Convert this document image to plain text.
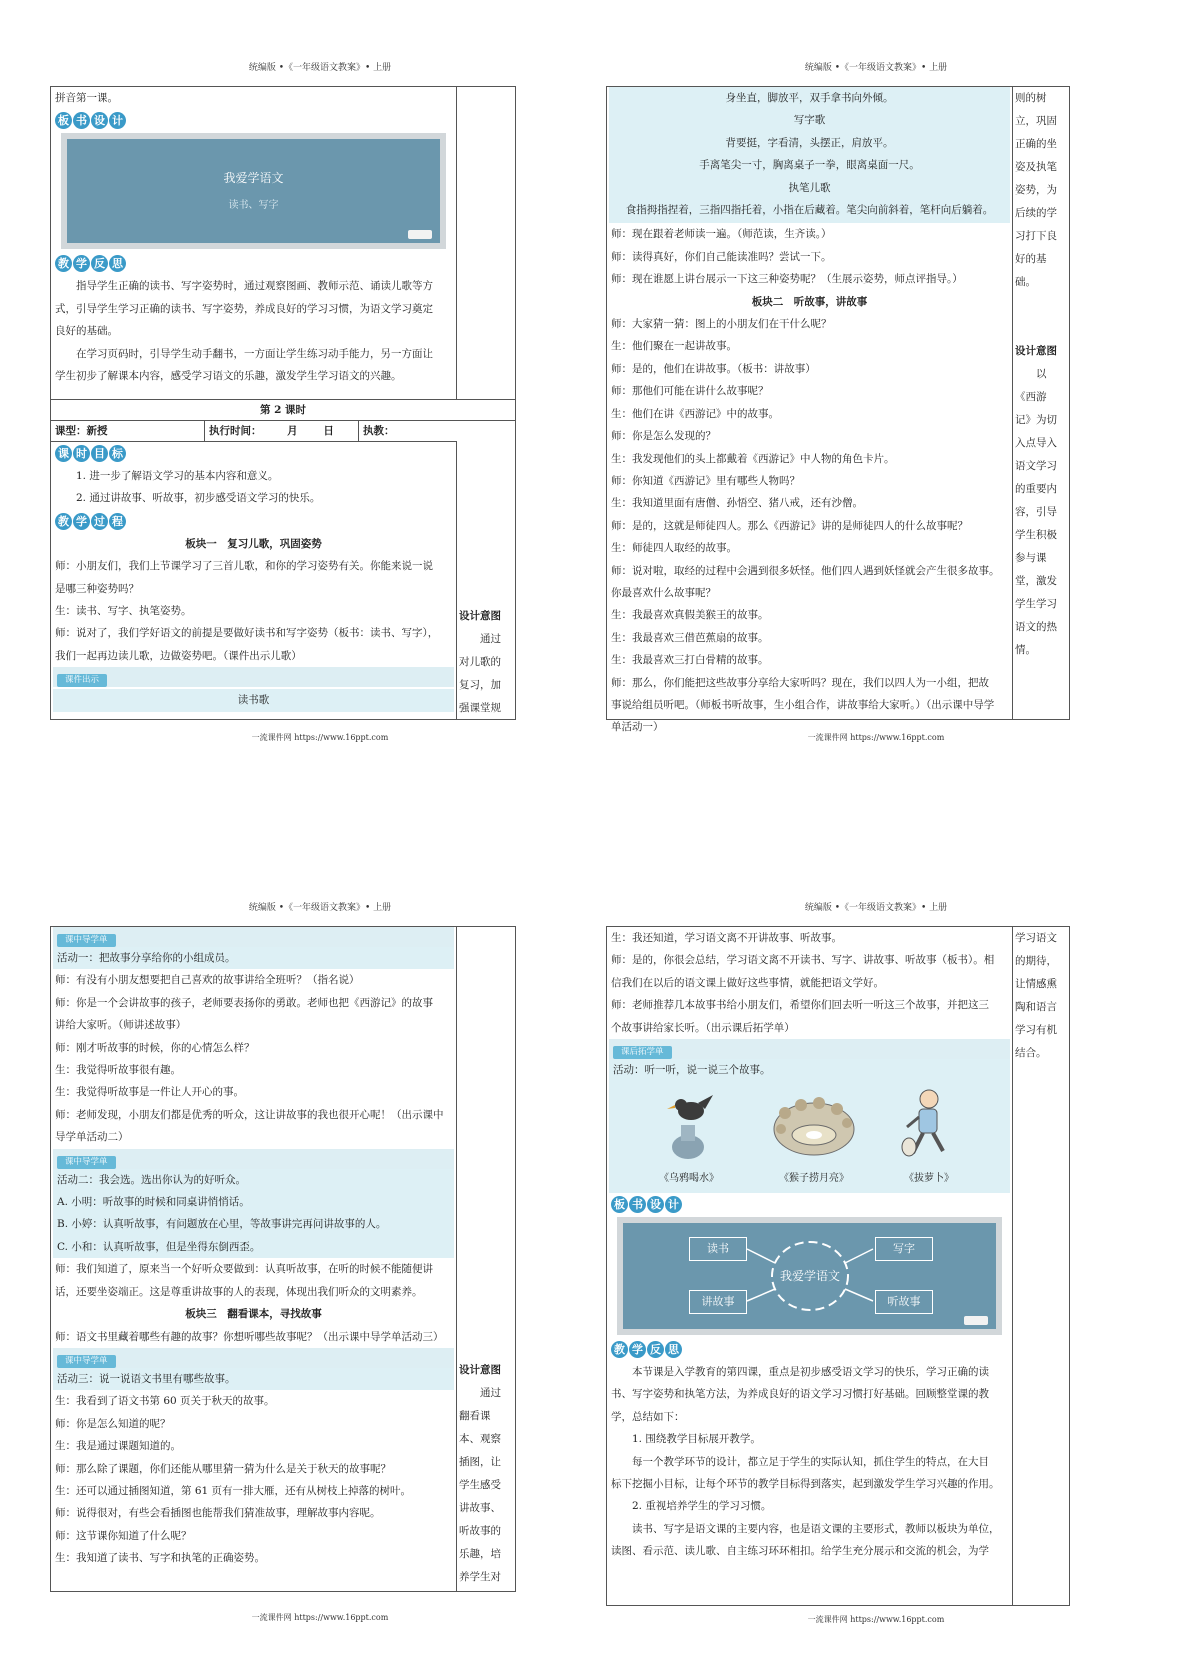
统编版 •《一年级语文教案》• 上册
拼音第一课。
板 书 设 计
我爱学语文
读书、写字
教 学 反 思
指导学生正确的读书、写字姿势时，通过观察图画、教师示范、诵读儿歌等方
式，引导学生学习正确的读书、写字姿势，养成良好的学习习惯，为语文学习奠定
良好的基础。
在学习页码时，引导学生动手翻书，一方面让学生练习动手能力，另一方面让
学生初步了解课本内容，感受学习语文的乐趣，激发学生学习语文的兴趣。
第 2 课时
课型：新授	执行时间： 月 日	执教：
课 时 目 标
1. 进一步了解语文学习的基本内容和意义。
2. 通过讲故事、听故事，初步感受语文学习的快乐。
教 学 过 程
板块一　复习儿歌，巩固姿势
师：小朋友们，我们上节课学习了三首儿歌，和你的学习姿势有关。你能来说一说
是哪三种姿势吗？
生：读书、写字、执笔姿势。
师：说对了，我们学好语文的前提是要做好读书和写字姿势（板书：读书、写字），
我们一起再边读儿歌，边做姿势吧。（课件出示儿歌）
课件出示
读书歌
设计意图
　　通过
对儿歌的
复习，加
强课堂规
一流课件网 https://www.16ppt.com
统编版 •《一年级语文教案》• 上册
身坐直，脚放平，双手拿书向外倾。
写字歌
背要挺，字看清，头摆正，肩放平。
手离笔尖一寸，胸离桌子一拳，眼离桌面一尺。
执笔儿歌
食指拇指捏着，三指四指托着，小指在后藏着。笔尖向前斜着，笔杆向后躺着。
师：现在跟着老师读一遍。（师范读，生齐读。）
师：读得真好，你们自己能读准吗？尝试一下。
师：现在谁愿上讲台展示一下这三种姿势呢？（生展示姿势，师点评指导。）
板块二　听故事，讲故事
师：大家猜一猜：图上的小朋友们在干什么呢？
生：他们聚在一起讲故事。
师：是的，他们在讲故事。（板书：讲故事）
师：那他们可能在讲什么故事呢？
生：他们在讲《西游记》中的故事。
师：你是怎么发现的？
生：我发现他们的头上都戴着《西游记》中人物的角色卡片。
师：你知道《西游记》里有哪些人物吗？
生：我知道里面有唐僧、孙悟空、猪八戒，还有沙僧。
师：是的，这就是师徒四人。那么《西游记》讲的是师徒四人的什么故事呢？
生：师徒四人取经的故事。
师：说对啦，取经的过程中会遇到很多妖怪。他们四人遇到妖怪就会产生很多故事。
你最喜欢什么故事呢？
生：我最喜欢真假美猴王的故事。
生：我最喜欢三借芭蕉扇的故事。
生：我最喜欢三打白骨精的故事。
师：那么，你们能把这些故事分享给大家听吗？现在，我们以四人为一小组，把故
事说给组员听吧。（师板书听故事，生小组合作，讲故事给大家听。）（出示课中导学
单活动一）
则的树
立，巩固
正确的坐
姿及执笔
姿势，为
后续的学
习打下良
好的基
础。
设计意图
　　以
《西游
记》为切
入点导入
语文学习
的重要内
容，引导
学生积极
参与课
堂，激发
学生学习
语文的热
情。
一流课件网 https://www.16ppt.com
统编版 •《一年级语文教案》• 上册
课中导学单
活动一：把故事分享给你的小组成员。
师：有没有小朋友想要把自己喜欢的故事讲给全班听？（指名说）
师：你是一个会讲故事的孩子，老师要表扬你的勇敢。老师也把《西游记》的故事
讲给大家听。（师讲述故事）
师：刚才听故事的时候，你的心情怎么样？
生：我觉得听故事很有趣。
生：我觉得听故事是一件让人开心的事。
师：老师发现，小朋友们都是优秀的听众，这让讲故事的我也很开心呢！（出示课中
导学单活动二）
课中导学单
活动二：我会选。选出你认为的好听众。
A. 小明：听故事的时候和同桌讲悄悄话。
B. 小婷：认真听故事，有问题放在心里，等故事讲完再问讲故事的人。
C. 小和：认真听故事，但是坐得东倒西歪。
师：我们知道了，原来当一个好听众要做到：认真听故事，在听的时候不能随便讲
话，还要坐姿端正。这是尊重讲故事的人的表现，体现出我们听众的文明素养。
板块三　翻看课本，寻找故事
师：语文书里藏着哪些有趣的故事？你想听哪些故事呢？（出示课中导学单活动三）
课中导学单
活动三：说一说语文书里有哪些故事。
生：我看到了语文书第 60 页关于秋天的故事。
师：你是怎么知道的呢？
生：我是通过课题知道的。
师：那么除了课题，你们还能从哪里猜一猜为什么是关于秋天的故事呢？
生：还可以通过插图知道，第 61 页有一排大雁，还有从树枝上掉落的树叶。
师：说得很对，有些会看插图也能帮我们猜准故事，理解故事内容呢。
师：这节课你知道了什么呢？
生：我知道了读书、写字和执笔的正确姿势。
设计意图
　　通过
翻看课
本、观察
插图，让
学生感受
讲故事、
听故事的
乐趣，培
养学生对
一流课件网 https://www.16ppt.com
统编版 •《一年级语文教案》• 上册
生：我还知道，学习语文离不开讲故事、听故事。
师：是的，你很会总结，学习语文离不开读书、写字、讲故事、听故事（板书）。相
信我们在以后的语文课上做好这些事情，就能把语文学好。
师：老师推荐几本故事书给小朋友们，希望你们回去听一听这三个故事，并把这三
个故事讲给家长听。（出示课后拓学单）
课后拓学单
活动：听一听，说一说三个故事。
《乌鸦喝水》	《猴子捞月亮》	《拔萝卜》
板 书 设 计
我爱学语文
读书	写字
讲故事	听故事
教 学 反 思
本节课是入学教育的第四课，重点是初步感受语文学习的快乐，学习正确的读
书、写字姿势和执笔方法，为养成良好的语文学习习惯打好基础。回顾整堂课的教
学，总结如下：
1. 围绕教学目标展开教学。
每一个教学环节的设计，都立足于学生的实际认知，抓住学生的特点，在大目
标下挖掘小目标，让每个环节的教学目标得到落实，起到激发学生学习兴趣的作用。
2. 重视培养学生的学习习惯。
读书、写字是语文课的主要内容，也是语文课的主要形式，教师以板块为单位，
读图、看示范、读儿歌、自主练习环环相扣。给学生充分展示和交流的机会，为学
学习语文
的期待，
让情感熏
陶和语言
学习有机
结合。
一流课件网 https://www.16ppt.com
